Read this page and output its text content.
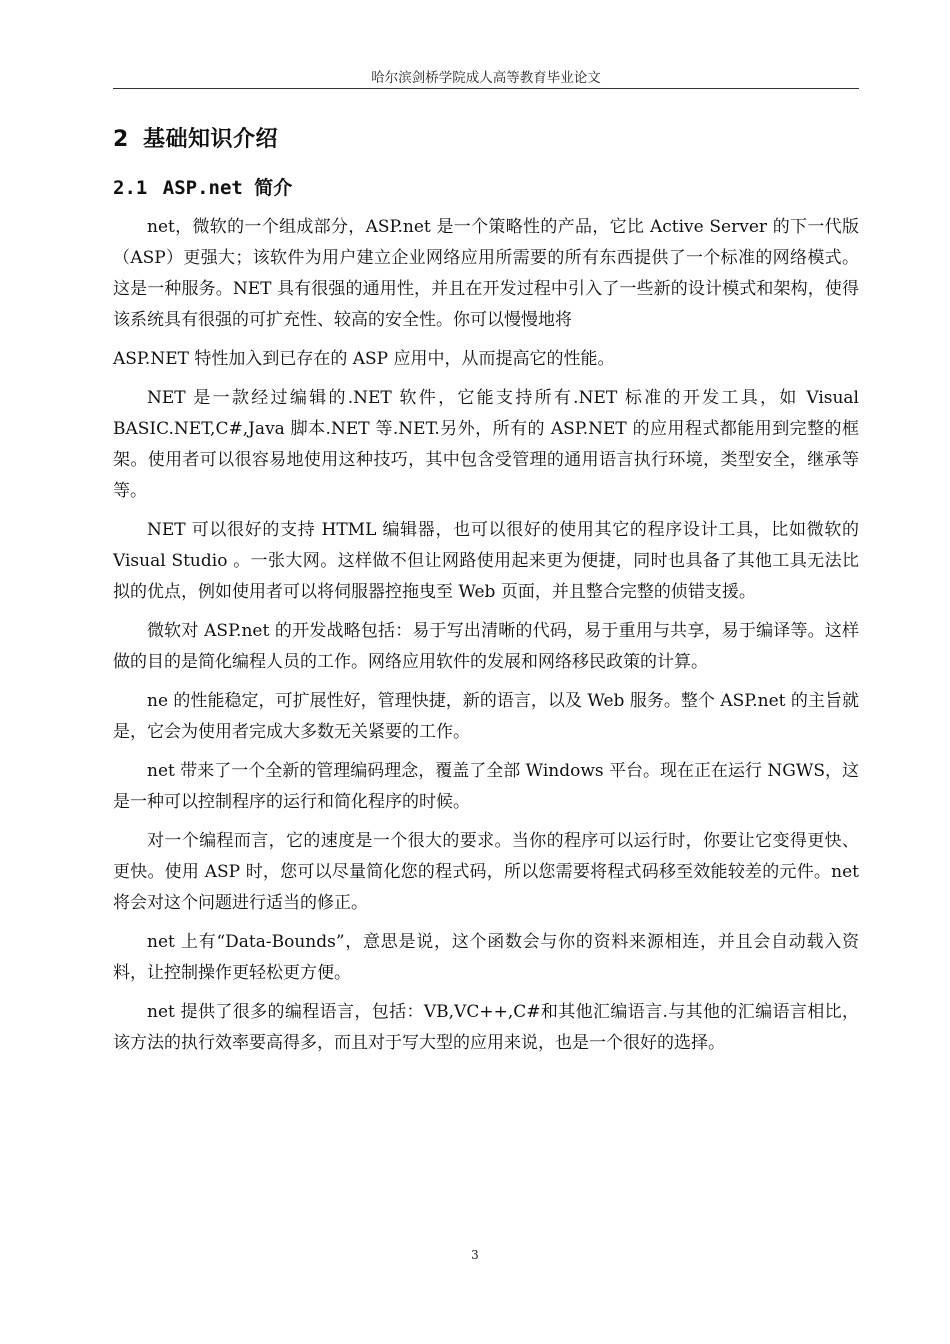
哈尔滨剑桥学院成人高等教育毕业论文
2 基础知识介绍
2.1 ASP.net 简介

net，微软的一个组成部分，ASP.net 是一个策略性的产品，它比 Active Server 的下一代版（ASP）更强大；该软件为用户建立企业网络应用所需要的所有东西提供了一个标准的网络模式。这是一种服务。NET 具有很强的通用性，并且在开发过程中引入了一些新的设计模式和架构，使得该系统具有很强的可扩充性、较高的安全性。你可以慢慢地将

ASP.NET 特性加入到已存在的 ASP 应用中，从而提高它的性能。

NET 是一款经过编辑的.NET 软件，它能支持所有.NET 标准的开发工具，如 Visual BASIC.NET,C#,Java 脚本.NET 等.NET.另外，所有的 ASP.NET 的应用程式都能用到完整的框架。使用者可以很容易地使用这种技巧，其中包含受管理的通用语言执行环境，类型安全，继承等等。

NET 可以很好的支持 HTML 编辑器，也可以很好的使用其它的程序设计工具，比如微软的 Visual Studio 。一张大网。这样做不但让网路使用起来更为便捷，同时也具备了其他工具无法比拟的优点，例如使用者可以将伺服器控拖曳至 Web 页面，并且整合完整的侦错支援。

微软对 ASP.net 的开发战略包括：易于写出清晰的代码，易于重用与共享，易于编译等。这样做的目的是简化编程人员的工作。网络应用软件的发展和网络移民政策的计算。

ne 的性能稳定，可扩展性好，管理快捷，新的语言，以及 Web 服务。整个 ASP.net 的主旨就是，它会为使用者完成大多数无关紧要的工作。

net 带来了一个全新的管理编码理念，覆盖了全部 Windows 平台。现在正在运行 NGWS，这是一种可以控制程序的运行和简化程序的时候。

对一个编程而言，它的速度是一个很大的要求。当你的程序可以运行时，你要让它变得更快、更快。使用 ASP 时，您可以尽量简化您的程式码，所以您需要将程式码移至效能较差的元件。net 将会对这个问题进行适当的修正。

net 上有“Data-Bounds”，意思是说，这个函数会与你的资料来源相连，并且会自动载入资料，让控制操作更轻松更方便。

net 提供了很多的编程语言，包括：VB,VC++,C#和其他汇编语言.与其他的汇编语言相比，该方法的执行效率要高得多，而且对于写大型的应用来说，也是一个很好的选择。

3
